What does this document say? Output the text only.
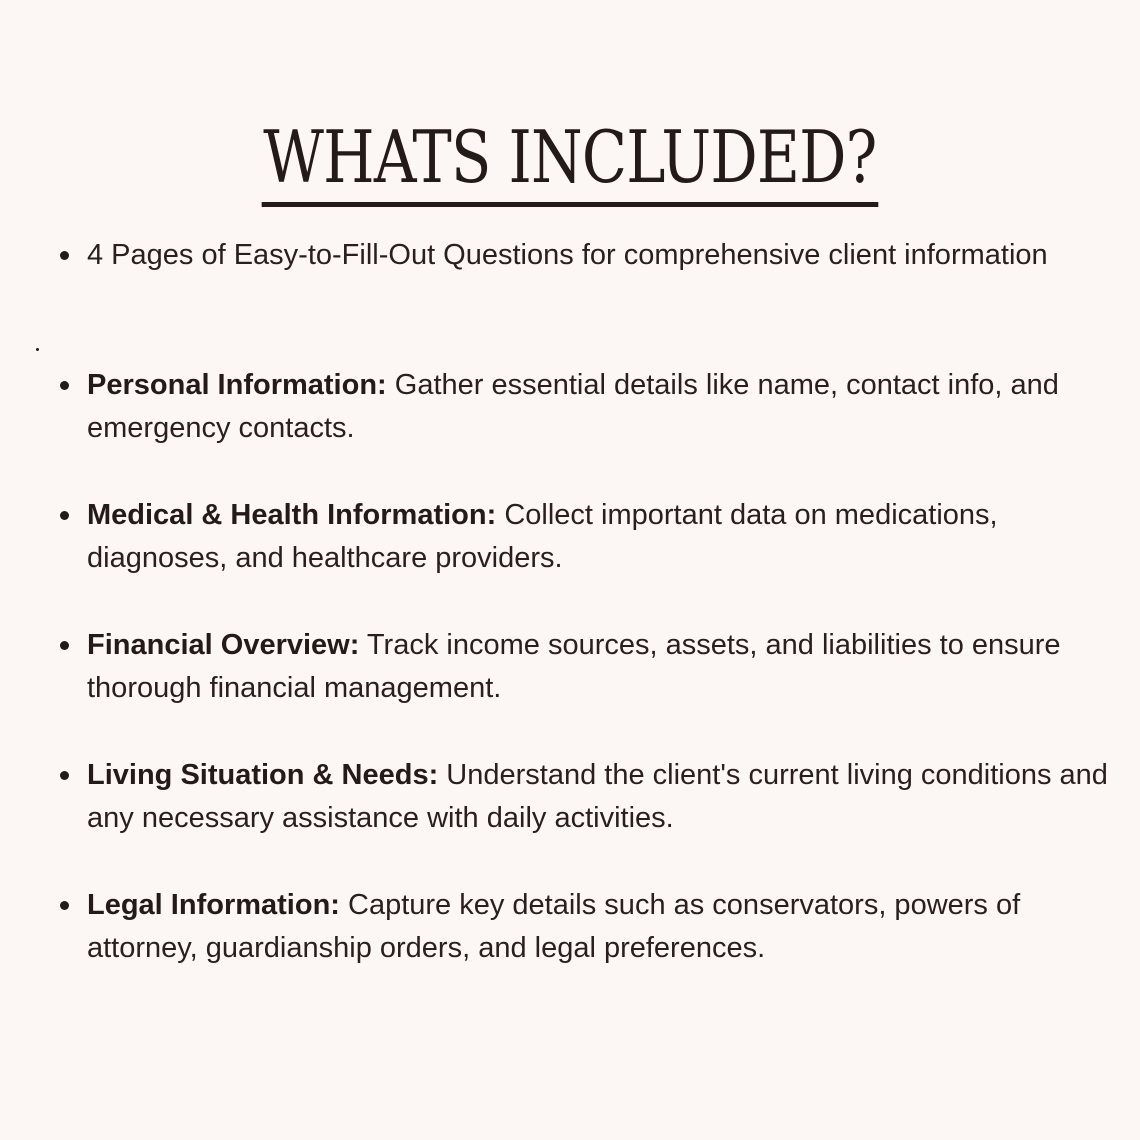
WHATS INCLUDED?
4 Pages of Easy-to-Fill-Out Questions for comprehensive client information
Personal Information: Gather essential details like name, contact info, and emergency contacts.
Medical & Health Information: Collect important data on medications, diagnoses, and healthcare providers.
Financial Overview: Track income sources, assets, and liabilities to ensure thorough financial management.
Living Situation & Needs: Understand the client's current living conditions and any necessary assistance with daily activities.
Legal Information: Capture key details such as conservators, powers of attorney, guardianship orders, and legal preferences.
